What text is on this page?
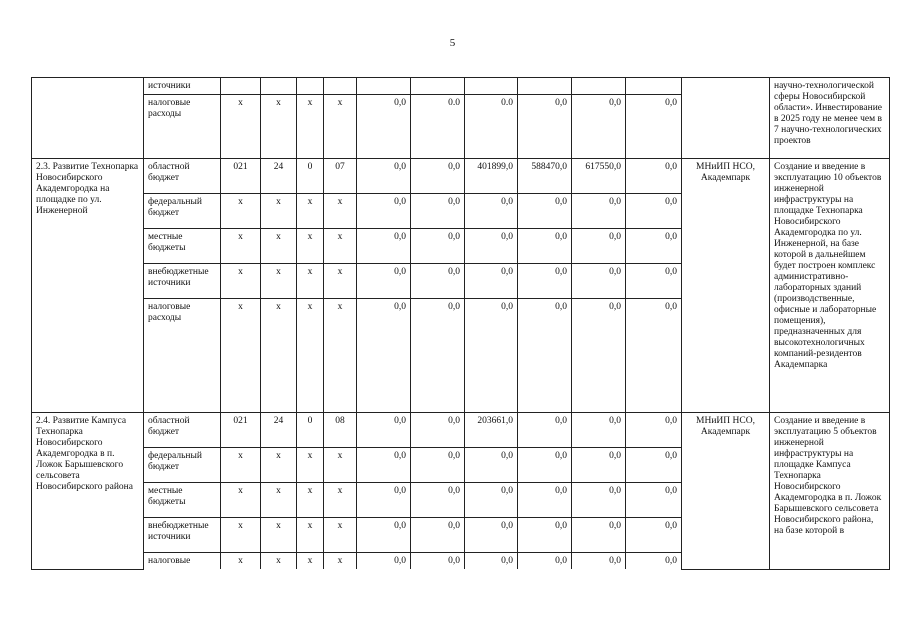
5
	источники												научно-технологической сферы Новосибирской области». Инвестирование в 2025 году не менее чем в 7 научно-технологических проектов
	налоговые расходы	х	х	х	х	0,0	0.0	0.0	0,0	0,0	0,0		
2.3. Развитие Технопарка Новосибирского Академгородка на площадке по ул. Инженерной	областной бюджет	021	24	0	07	0,0	0,0	401899,0	588470,0	617550,0	0,0	МНиИП НСО, Академпарк	Создание и введение в эксплуатацию 10 объектов инженерной инфраструктуры на площадке Технопарка Новосибирского Академгородка по ул. Инженерной, на базе которой в дальнейшем будет построен комплекс административно-лабораторных зданий (производственные, офисные и лабораторные помещения), предназначенных для высокотехнологичных компаний-резидентов Академпарка
	федеральный бюджет	х	х	х	х	0,0	0,0	0,0	0,0	0,0	0,0		
	местные бюджеты	х	х	х	х	0,0	0,0	0,0	0,0	0,0	0,0		
	внебюджетные источники	х	х	х	х	0,0	0,0	0,0	0,0	0,0	0,0		
	налоговые расходы	х	х	х	х	0,0	0,0	0,0	0,0	0,0	0,0		
2.4. Развитие Кампуса Технопарка Новосибирского Академгородка в п. Ложок Барышевского сельсовета Новосибирского района	областной бюджет	021	24	0	08	0,0	0,0	203661,0	0,0	0,0	0,0	МНиИП НСО, Академпарк	Создание и введение в эксплуатацию 5 объектов инженерной инфраструктуры на площадке Кампуса Технопарка Новосибирского Академгородка в п. Ложок Барышевского сельсовета Новосибирского района, на базе которой в
	федеральный бюджет	х	х	х	х	0,0	0,0	0,0	0,0	0,0	0,0		
	местные бюджеты	х	х	х	х	0,0	0,0	0,0	0,0	0,0	0,0		
	внебюджетные источники	х	х	х	х	0,0	0,0	0,0	0,0	0,0	0,0		
	налоговые	х	х	х	х	0,0	0,0	0,0	0,0	0,0	0,0		
